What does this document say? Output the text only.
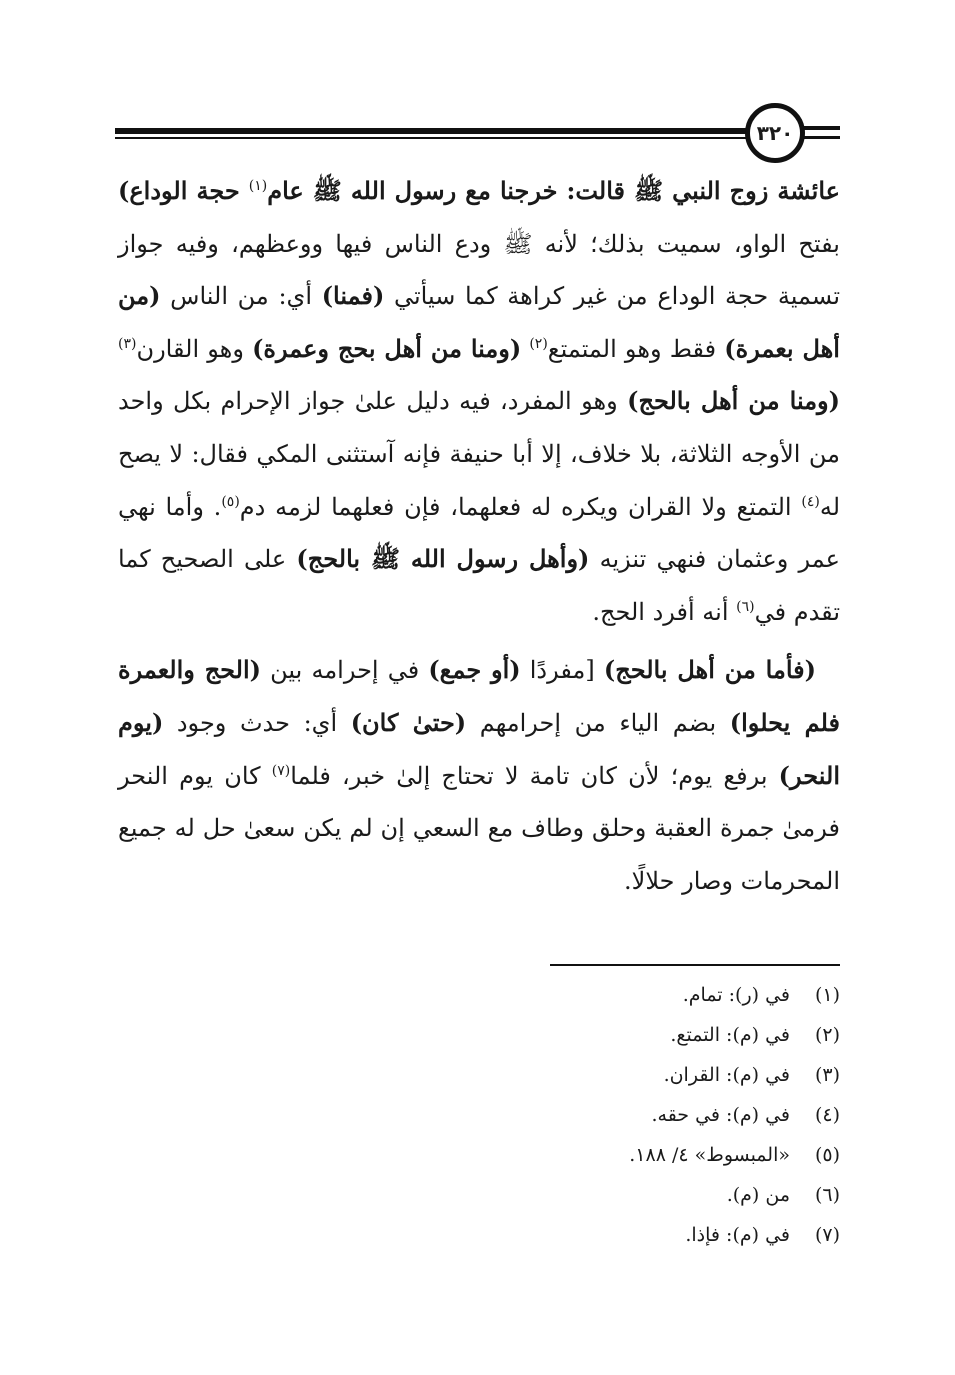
٣٢٠

عائشة زوج النبي ﷺ قالت: خرجنا مع رسول الله ﷺ عام$^{(١)}$ حجة الوداع) بفتح الواو، سميت بذلك؛ لأنه ﷺ ودع الناس فيها ووعظهم، وفيه جواز تسمية حجة الوداع من غير كراهة كما سيأتي (فمنا) أي: من الناس (من أهل بعمرة) فقط وهو المتمتع$^{(٢)}$ (ومنا من أهل بحج وعمرة) وهو القارن$^{(٣)}$ (ومنا من أهل بالحج) وهو المفرد، فيه دليل علىٰ جواز الإحرام بكل واحد من الأوجه الثلاثة، بلا خلاف، إلا أبا حنيفة فإنه آستثنى المكي فقال: لا يصح له$^{(٤)}$ التمتع ولا القران ويكره له فعلهما، فإن فعلهما لزمه دم$^{(٥)}$. وأما نهي عمر وعثمان فنهي تنزيه (وأهل رسول الله ﷺ بالحج) على الصحيح كما تقدم في$^{(٦)}$ أنه أفرد الحج.

(فأما من أهل بالحج) [مفردًا (أو جمع) في إحرامه بين (الحج والعمرة فلم يحلوا) بضم الياء من إحرامهم (حتىٰ كان) أي: حدث وجود (يوم النحر) برفع يوم؛ لأن كان تامة لا تحتاج إلىٰ خبر، فلما$^{(٧)}$ كان يوم النحر فرمىٰ جمرة العقبة وحلق وطاف مع السعي إن لم يكن سعىٰ حل له جميع المحرمات وصار حلالًا.

(١)
في (ر): تمام.
(٢)
في (م): التمتع.
(٣)
في (م): القران.
(٤)
في (م): في حقه.
(٥)
«المبسوط» ٤/ ١٨٨.
(٦)
من (م).
(٧)
في (م): فإذا.
